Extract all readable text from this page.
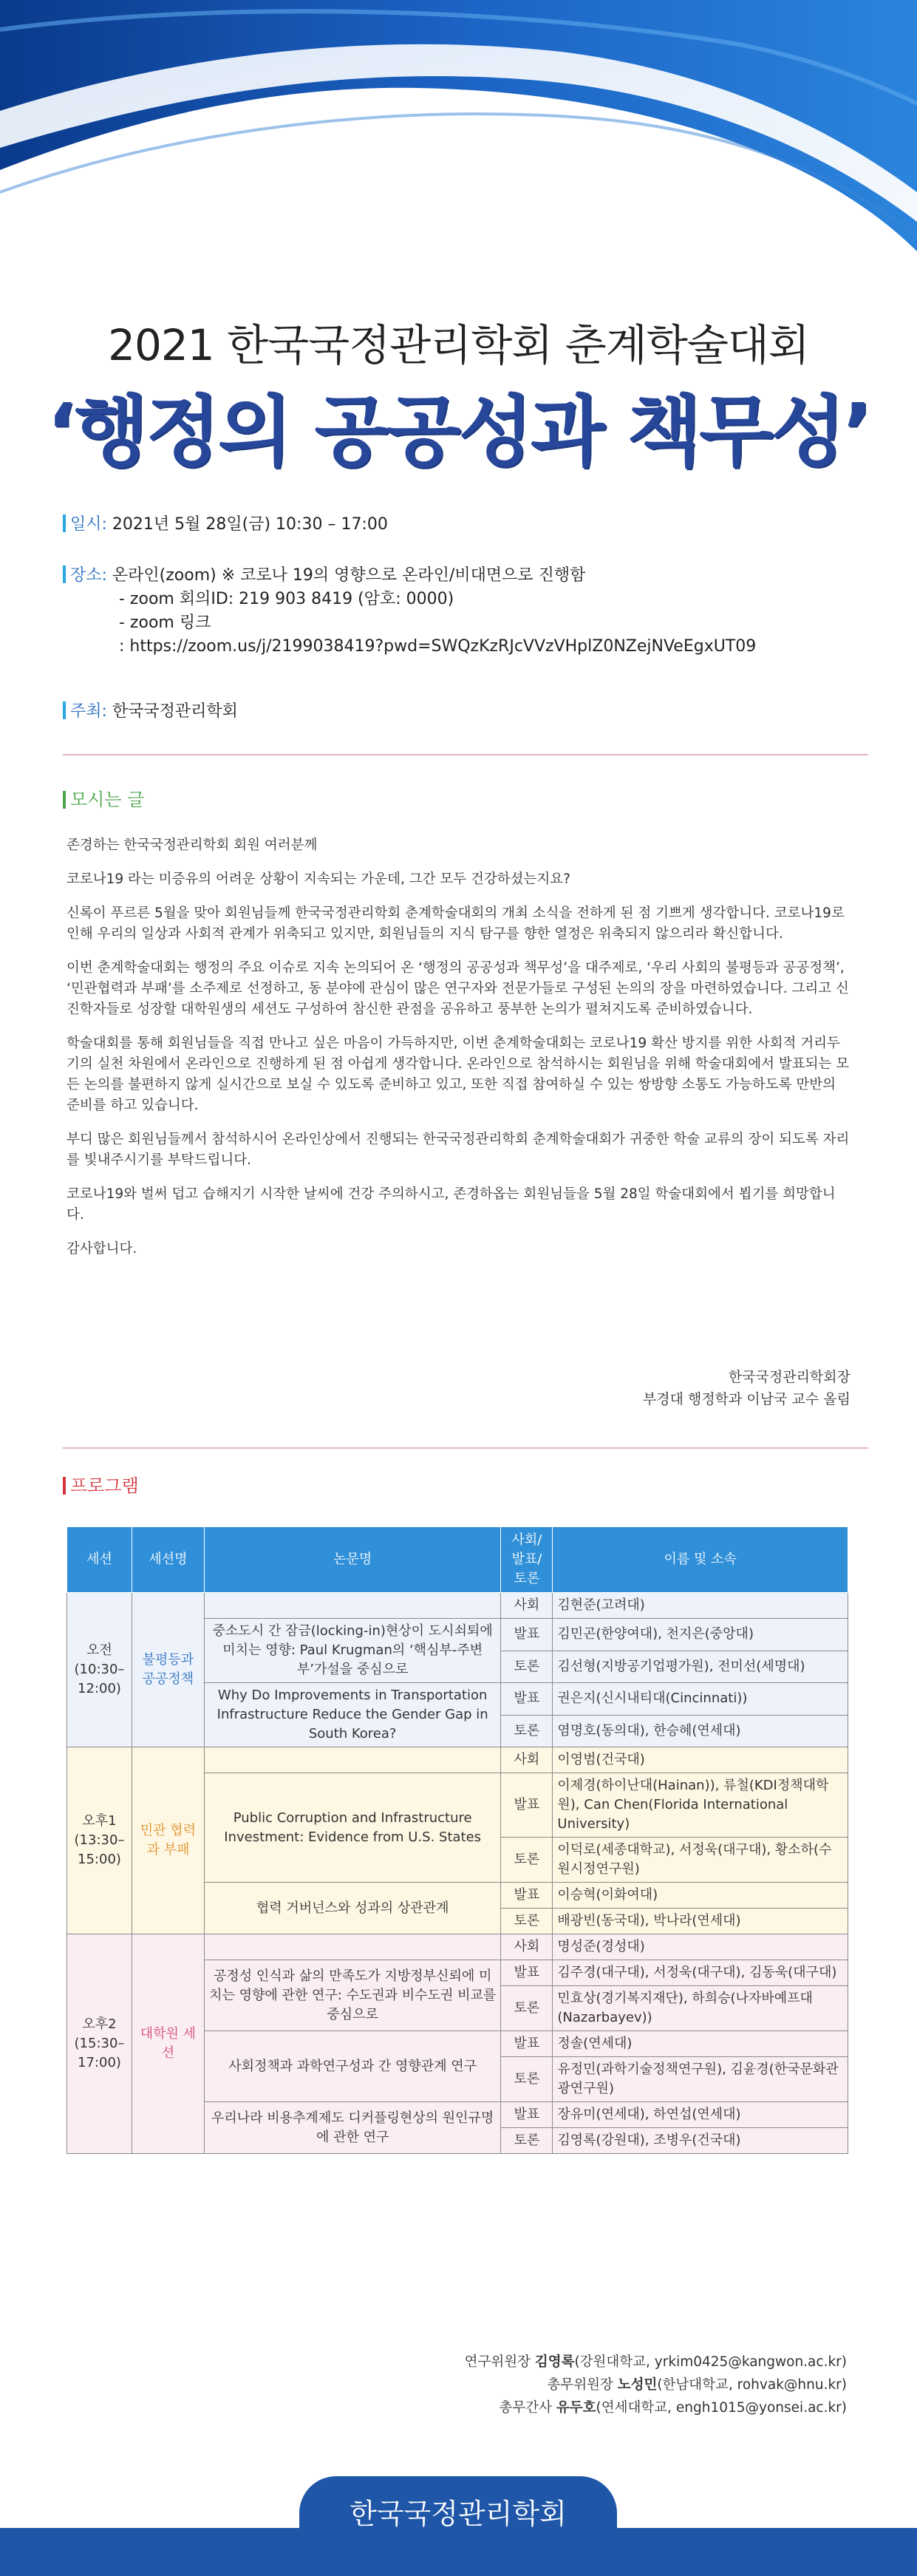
2021 한국국정관리학회 춘계학술대회
‘행정의 공공성과 책무성’
일시: 2021년 5월 28일(금) 10:30 – 17:00
장소: 온라인(zoom) ※ 코로나 19의 영향으로 온라인/비대면으로 진행함
- zoom 회의ID: 219 903 8419 (암호: 0000)
- zoom 링크
: https://zoom.us/j/2199038419?pwd=SWQzKzRJcVVzVHplZ0NZejNVeEgxUT09
주최: 한국국정관리학회
모시는 글

존경하는 한국국정관리학회 회원 여러분께

코로나19 라는 미증유의 어려운 상황이 지속되는 가운데, 그간 모두 건강하셨는지요?

신록이 푸르른 5월을 맞아 회원님들께 한국국정관리학회 춘계학술대회의 개최 소식을 전하게 된 점 기쁘게 생각합니다. 코로나19로 인해 우리의 일상과 사회적 관계가 위축되고 있지만, 회원님들의 지식 탐구를 향한 열정은 위축되지 않으리라 확신합니다.

이번 춘계학술대회는 행정의 주요 이슈로 지속 논의되어 온 ‘행정의 공공성과 책무성’을 대주제로, ‘우리 사회의 불평등과 공공정책’, ‘민관협력과 부패’를 소주제로 선정하고, 동 분야에 관심이 많은 연구자와 전문가들로 구성된 논의의 장을 마련하였습니다. 그리고 신진학자들로 성장할 대학원생의 세션도 구성하여 참신한 관점을 공유하고 풍부한 논의가 펼쳐지도록 준비하였습니다.

학술대회를 통해 회원님들을 직접 만나고 싶은 마음이 가득하지만, 이번 춘계학술대회는 코로나19 확산 방지를 위한 사회적 거리두기의 실천 차원에서 온라인으로 진행하게 된 점 아쉽게 생각합니다. 온라인으로 참석하시는 회원님을 위해 학술대회에서 발표되는 모든 논의를 불편하지 않게 실시간으로 보실 수 있도록 준비하고 있고, 또한 직접 참여하실 수 있는 쌍방향 소통도 가능하도록 만반의 준비를 하고 있습니다.

부디 많은 회원님들께서 참석하시어 온라인상에서 진행되는 한국국정관리학회 춘계학술대회가 귀중한 학술 교류의 장이 되도록 자리를 빛내주시기를 부탁드립니다.

코로나19와 벌써 덥고 습해지기 시작한 날씨에 건강 주의하시고, 존경하옵는 회원님들을 5월 28일 학술대회에서 뵙기를 희망합니다.

감사합니다.

한국국정관리학회장
부경대 행정학과 이남국 교수 올림
프로그램
세션	세션명	논문명	사회/발표/토론	이름 및 소속
오전 (10:30– 12:00)	불평등과 공공정책		사회	김현준(고려대)
		중소도시 간 잠금(locking-in)현상이 도시쇠퇴에 미치는 영향: Paul Krugman의 ‘핵심부-주변부’가설을 중심으로	발표	김민곤(한양여대), 천지은(중앙대)
			토론	김선형(지방공기업평가원), 전미선(세명대)
		Why Do Improvements in Transportation Infrastructure Reduce the Gender Gap in South Korea?	발표	권은지(신시내티대(Cincinnati))
			토론	염명호(동의대), 한승혜(연세대)
오후1 (13:30– 15:00)	민관 협력과 부패		사회	이영범(건국대)
		Public Corruption and Infrastructure Investment: Evidence from U.S. States	발표	이제경(하이난대(Hainan)), 류철(KDI정책대학원), Can Chen(Florida International University)
			토론	이덕로(세종대학교), 서정욱(대구대), 황소하(수원시정연구원)
		협력 거버넌스와 성과의 상관관계	발표	이승혁(이화여대)
			토론	배광빈(동국대), 박나라(연세대)
오후2 (15:30– 17:00)	대학원 세션		사회	명성준(경성대)
		공정성 인식과 삶의 만족도가 지방정부신뢰에 미치는 영향에 관한 연구: 수도권과 비수도권 비교를 중심으로	발표	김주경(대구대), 서정욱(대구대), 김동욱(대구대)
			토론	민효상(경기복지재단), 하희승(나자바예프대(Nazarbayev))
		사회정책과 과학연구성과 간 영향관계 연구	발표	정솔(연세대)
			토론	유정민(과학기술정책연구원), 김윤경(한국문화관광연구원)
		우리나라 비용추계제도 디커플링현상의 원인규명에 관한 연구	발표	장유미(연세대), 하연섭(연세대)
			토론	김영록(강원대), 조병우(건국대)
연구위원장 김영록(강원대학교, yrkim0425@kangwon.ac.kr)
총무위원장 노성민(한남대학교, rohvak@hnu.kr)
총무간사 유두호(연세대학교, engh1015@yonsei.ac.kr)
한국국정관리학회
